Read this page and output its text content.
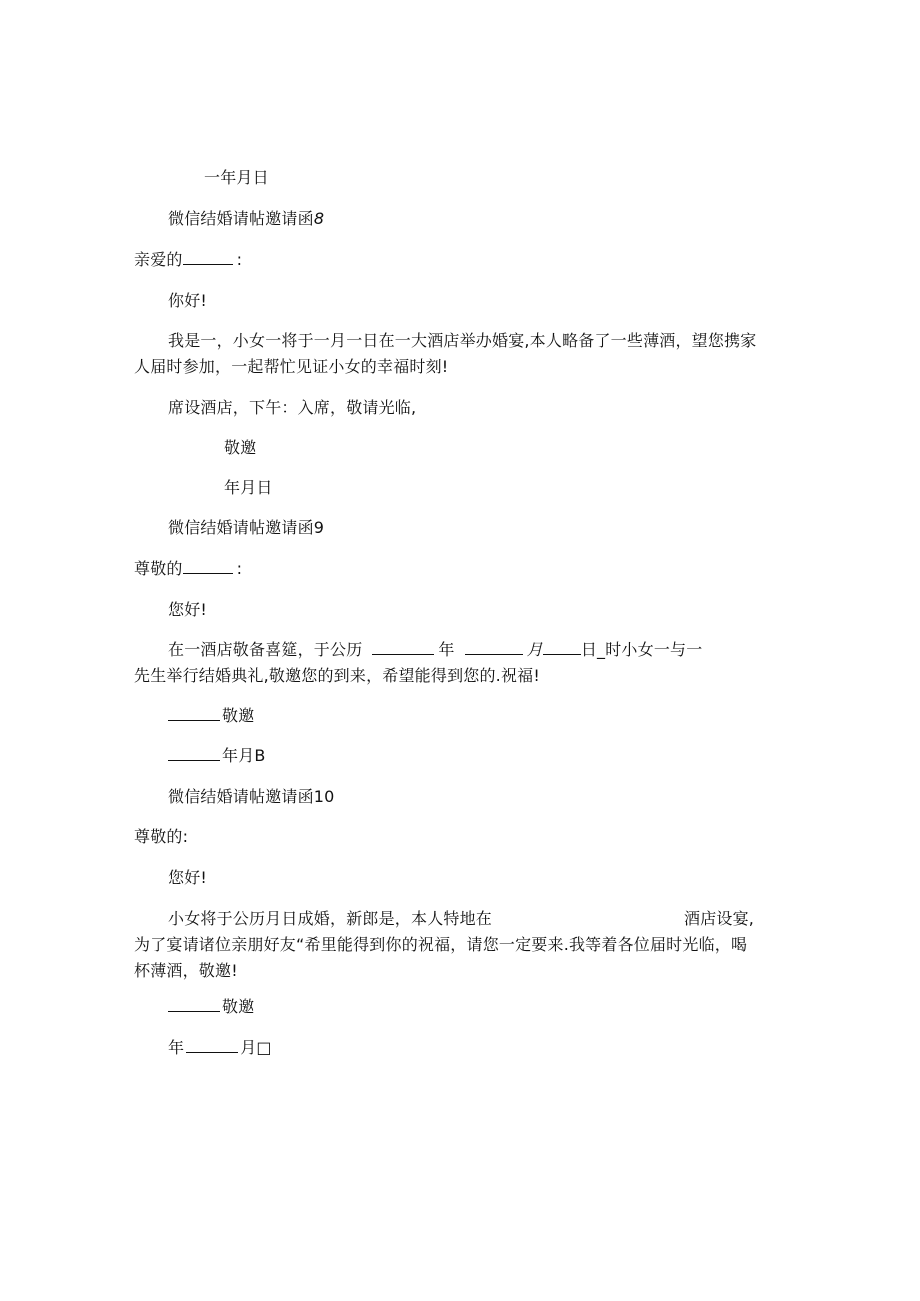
一年月日
微信结婚请帖邀请函8
亲爱的	:
你好!
我是一，小女一将于一月一日在一大酒店举办婚宴,本人略备了一些薄酒，望您携家
人届时参加，一起帮忙见证小女的幸福时刻!
席设酒店，下午：入席，敬请光临,
敬邀
年月日
微信结婚请帖邀请函9
尊敬的	:
您好!
在一酒店敬备喜筵，于公历	年	月 日_时小女一与一
先生举行结婚典礼,敬邀您的到来，希望能得到您的.祝福!
敬邀
年月B
微信结婚请帖邀请函10
尊敬的:
您好!
小女将于公历月日成婚，新郎是，本人特地在	酒店设宴,
为了宴请诸位亲朋好友“希里能得到你的祝福，请您一定要来.我等着各位届时光临，喝
杯薄酒，敬邀!
敬邀
年	月□
